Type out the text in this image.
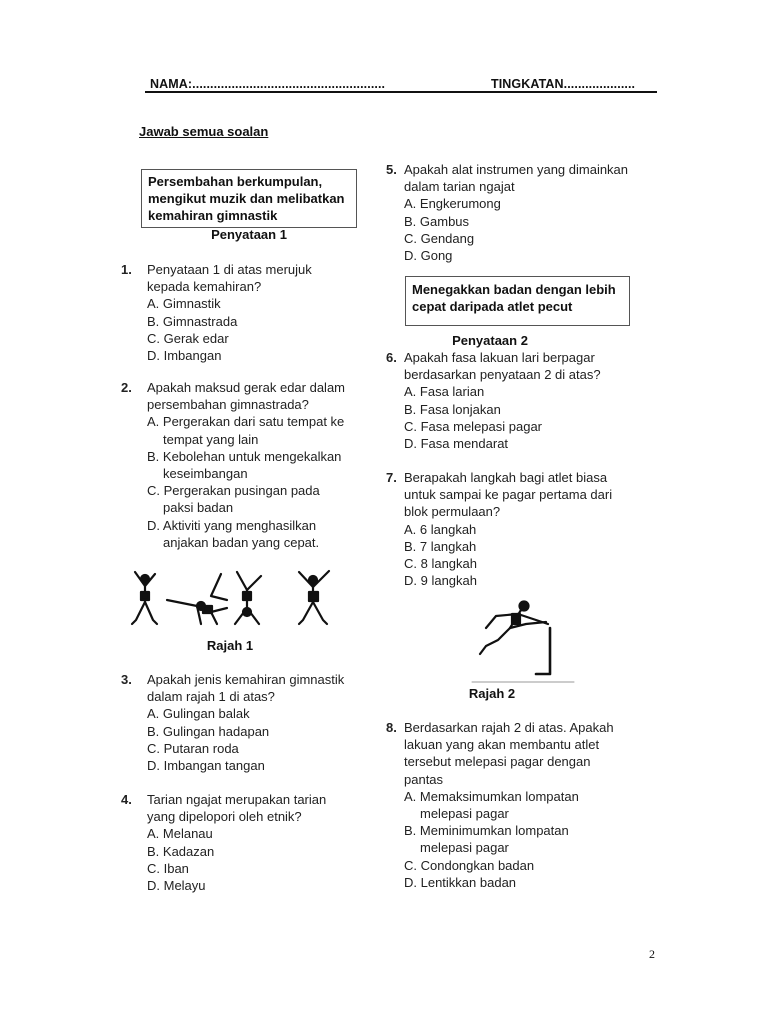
NAMA:......................................................	TINGKATAN....................
Jawab semua soalan
Persembahan berkumpulan,
mengikut muzik dan melibatkan
kemahiran gimnastik
Penyataan 1
1. Penyataan 1 di atas merujuk
kepada kemahiran?
A. Gimnastik
B. Gimnastrada
C. Gerak edar
D. Imbangan
2. Apakah maksud gerak edar dalam
persembahan gimnastrada?
A. Pergerakan dari satu tempat ke
tempat yang lain
B. Kebolehan untuk mengekalkan
keseimbangan
C. Pergerakan pusingan pada
paksi badan
D. Aktiviti yang menghasilkan
anjakan badan yang cepat.
Rajah 1
3. Apakah jenis kemahiran gimnastik
dalam rajah 1 di atas?
A. Gulingan balak
B. Gulingan hadapan
C. Putaran roda
D. Imbangan tangan
4. Tarian ngajat merupakan tarian
yang dipelopori oleh etnik?
A. Melanau
B. Kadazan
C. Iban
D. Melayu
5. Apakah alat instrumen yang dimainkan
dalam tarian ngajat
A. Engkerumong
B. Gambus
C. Gendang
D. Gong
Menegakkan badan dengan lebih
cepat daripada atlet pecut
Penyataan 2
6. Apakah fasa lakuan lari berpagar
berdasarkan penyataan 2 di atas?
A. Fasa larian
B. Fasa lonjakan
C. Fasa melepasi pagar
D. Fasa mendarat
7. Berapakah langkah bagi atlet biasa
untuk sampai ke pagar pertama dari
blok permulaan?
A. 6 langkah
B. 7 langkah
C. 8 langkah
D. 9 langkah
Rajah 2
8. Berdasarkan rajah 2 di atas. Apakah
lakuan yang akan membantu atlet
tersebut melepasi pagar dengan
pantas
A. Memaksimumkan lompatan
melepasi pagar
B. Meminimumkan lompatan
melepasi pagar
C. Condongkan badan
D. Lentikkan badan
2
